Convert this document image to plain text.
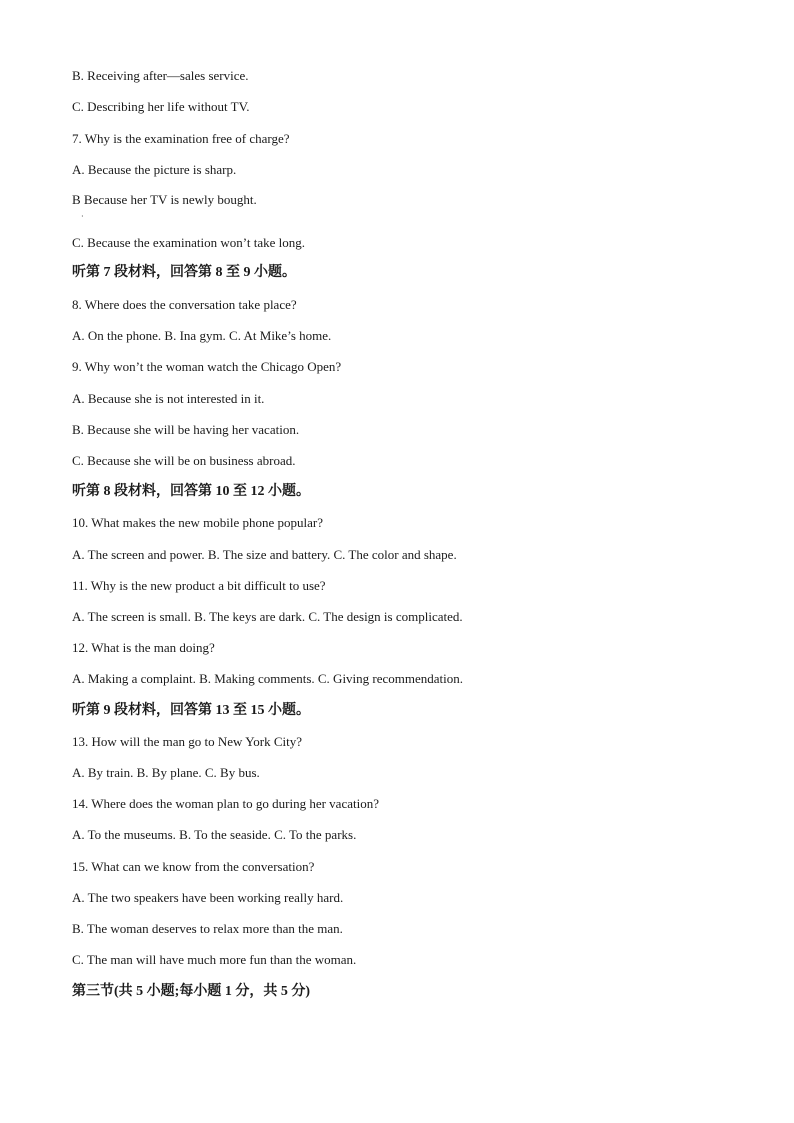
B. Receiving after—sales service.
C. Describing her life without TV.
7. Why is the examination free of charge?
A. Because the picture is sharp.
B Because her TV is newly bought.
·
C. Because the examination won’t take long.
听第 7 段材料，回答第 8 至 9 小题。
8. Where does the conversation take place?
A. On the phone. B. Ina gym. C. At Mike’s home.
9. Why won’t the woman watch the Chicago Open?
A. Because she is not interested in it.
B. Because she will be having her vacation.
C. Because she will be on business abroad.
听第 8 段材料，回答第 10 至 12 小题。
10. What makes the new mobile phone popular?
A. The screen and power. B. The size and battery. C. The color and shape.
11. Why is the new product a bit difficult to use?
A. The screen is small. B. The keys are dark. C. The design is complicated.
12. What is the man doing?
A. Making a complaint. B. Making comments. C. Giving recommendation.
听第 9 段材料，回答第 13 至 15 小题。
13. How will the man go to New York City?
A. By train. B. By plane. C. By bus.
14. Where does the woman plan to go during her vacation?
A. To the museums. B. To the seaside. C. To the parks.
15. What can we know from the conversation?
A. The two speakers have been working really hard.
B. The woman deserves to relax more than the man.
C. The man will have much more fun than the woman.
第三节(共 5 小题;每小题 1 分，共 5 分)
